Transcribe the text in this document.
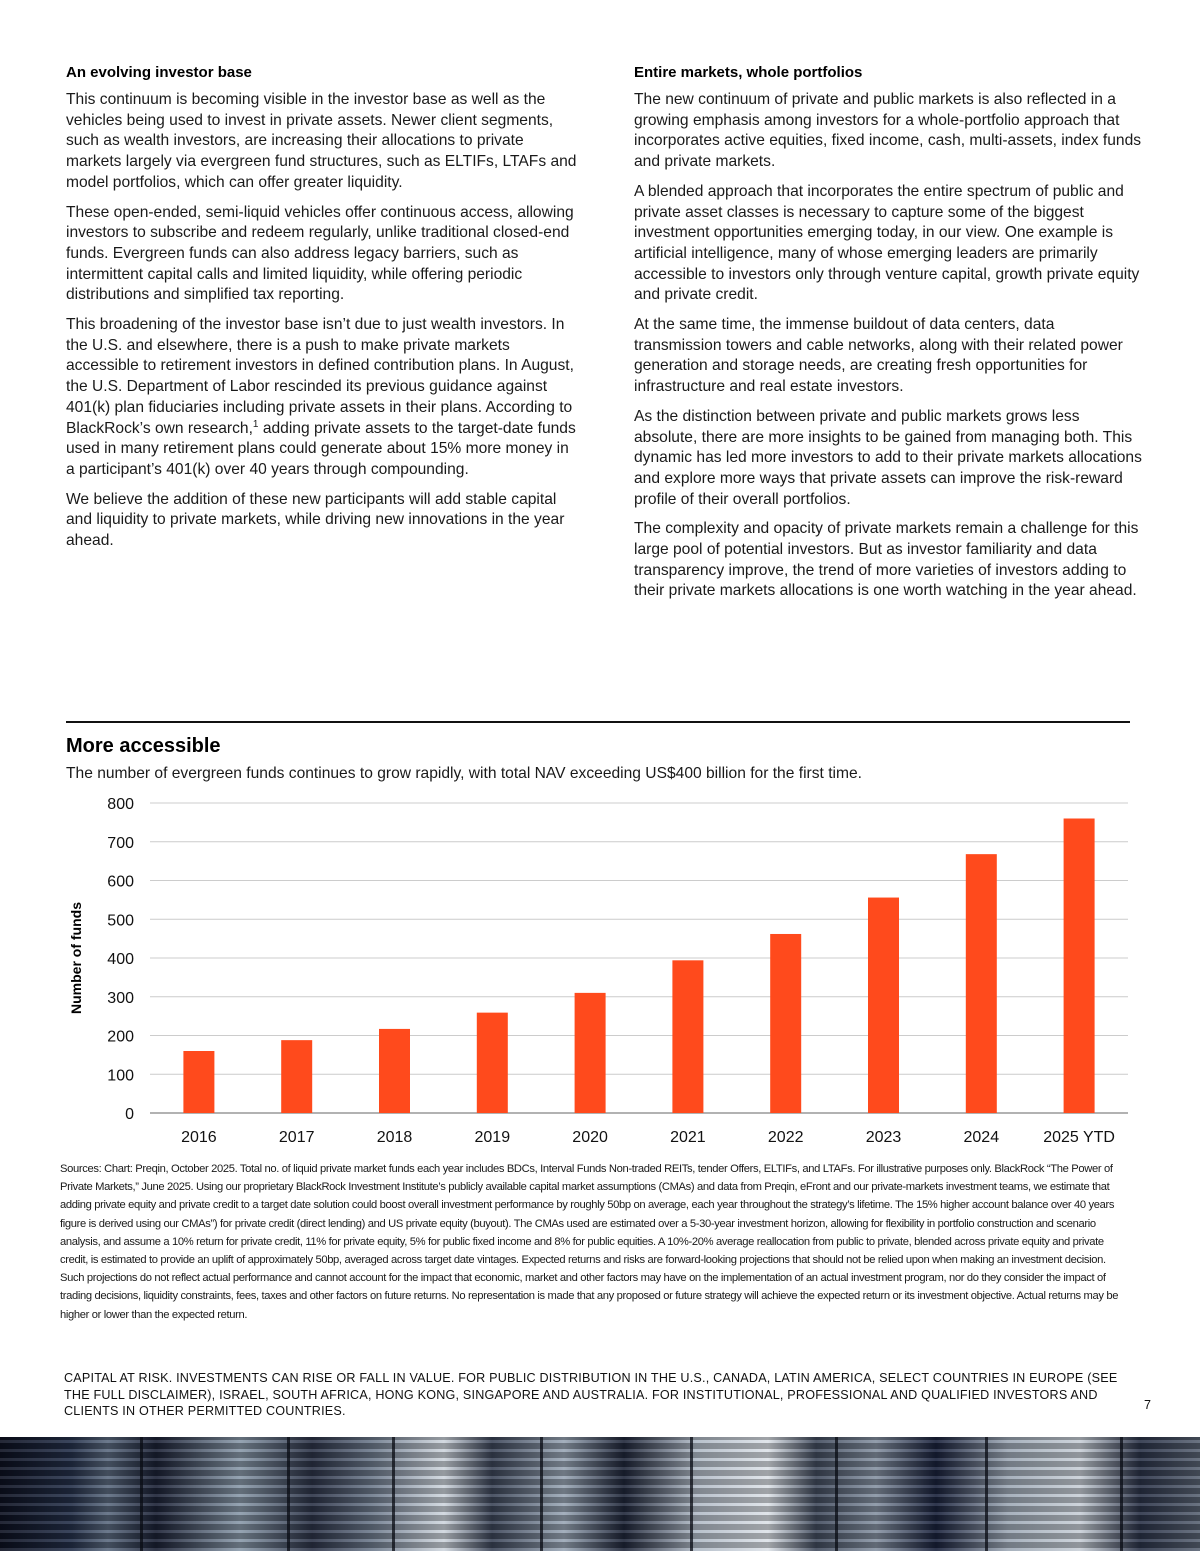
An evolving investor base

This continuum is becoming visible in the investor base as well as the vehicles being used to invest in private assets. Newer client segments, such as wealth investors, are increasing their allocations to private markets largely via evergreen fund structures, such as ELTIFs, LTAFs and model portfolios, which can offer greater liquidity.

These open-ended, semi-liquid vehicles offer continuous access, allowing investors to subscribe and redeem regularly, unlike traditional closed-end funds. Evergreen funds can also address legacy barriers, such as intermittent capital calls and limited liquidity, while offering periodic distributions and simplified tax reporting.

This broadening of the investor base isn’t due to just wealth investors. In the U.S. and elsewhere, there is a push to make private markets accessible to retirement investors in defined contribution plans. In August, the U.S. Department of Labor rescinded its previous guidance against 401(k) plan fiduciaries including private assets in their plans. According to BlackRock’s own research,$^1$ adding private assets to the target-date funds used in many retirement plans could generate about 15% more money in a participant’s 401(k) over 40 years through compounding.

We believe the addition of these new participants will add stable capital and liquidity to private markets, while driving new innovations in the year ahead.

Entire markets, whole portfolios

The new continuum of private and public markets is also reflected in a growing emphasis among investors for a whole-portfolio approach that incorporates active equities, fixed income, cash, multi-assets, index funds and private markets.

A blended approach that incorporates the entire spectrum of public and private asset classes is necessary to capture some of the biggest investment opportunities emerging today, in our view. One example is artificial intelligence, many of whose emerging leaders are primarily accessible to investors only through venture capital, growth private equity and private credit.

At the same time, the immense buildout of data centers, data transmission towers and cable networks, along with their related power generation and storage needs, are creating fresh opportunities for infrastructure and real estate investors.

As the distinction between private and public markets grows less absolute, there are more insights to be gained from managing both. This dynamic has led more investors to add to their private markets allocations and explore more ways that private assets can improve the risk-reward profile of their overall portfolios.

The complexity and opacity of private markets remain a challenge for this large pool of potential investors. But as investor familiarity and data transparency improve, the trend of more varieties of investors adding to their private markets allocations is one worth watching in the year ahead.

More accessible
The number of evergreen funds continues to grow rapidly, with total NAV exceeding US$400 billion for the first time.
0
100
200
300
400
500
600
700
800
2016	2017	2018	2019	2020	2021	2022	2023	2024	2025 YTD
Number of funds
Sources: Chart: Preqin, October 2025. Total no. of liquid private market funds each year includes BDCs, Interval Funds Non-traded REITs, tender Offers, ELTIFs, and LTAFs. For illustrative purposes only. BlackRock “The Power of Private Markets,” June 2025. Using our proprietary BlackRock Investment Institute’s publicly available capital market assumptions (CMAs) and data from Preqin, eFront and our private-markets investment teams, we estimate that adding private equity and private credit to a target date solution could boost overall investment performance by roughly 50bp on average, each year throughout the strategy’s lifetime. The 15% higher account balance over 40 years figure is derived using our CMAs”) for private credit (direct lending) and US private equity (buyout). The CMAs used are estimated over a 5-30-year investment horizon, allowing for flexibility in portfolio construction and scenario analysis, and assume a 10% return for private credit, 11% for private equity, 5% for public fixed income and 8% for public equities. A 10%-20% average reallocation from public to private, blended across private equity and private credit, is estimated to provide an uplift of approximately 50bp, averaged across target date vintages. Expected returns and risks are forward-looking projections that should not be relied upon when making an investment decision. Such projections do not reflect actual performance and cannot account for the impact that economic, market and other factors may have on the implementation of an actual investment program, nor do they consider the impact of trading decisions, liquidity constraints, fees, taxes and other factors on future returns. No representation is made that any proposed or future strategy will achieve the expected return or its investment objective. Actual returns may be higher or lower than the expected return.
CAPITAL AT RISK. INVESTMENTS CAN RISE OR FALL IN VALUE. FOR PUBLIC DISTRIBUTION IN THE U.S., CANADA, LATIN AMERICA, SELECT COUNTRIES IN EUROPE (SEE THE FULL DISCLAIMER), ISRAEL, SOUTH AFRICA, HONG KONG, SINGAPORE AND AUSTRALIA. FOR INSTITUTIONAL, PROFESSIONAL AND QUALIFIED INVESTORS AND CLIENTS IN OTHER PERMITTED COUNTRIES.	7
